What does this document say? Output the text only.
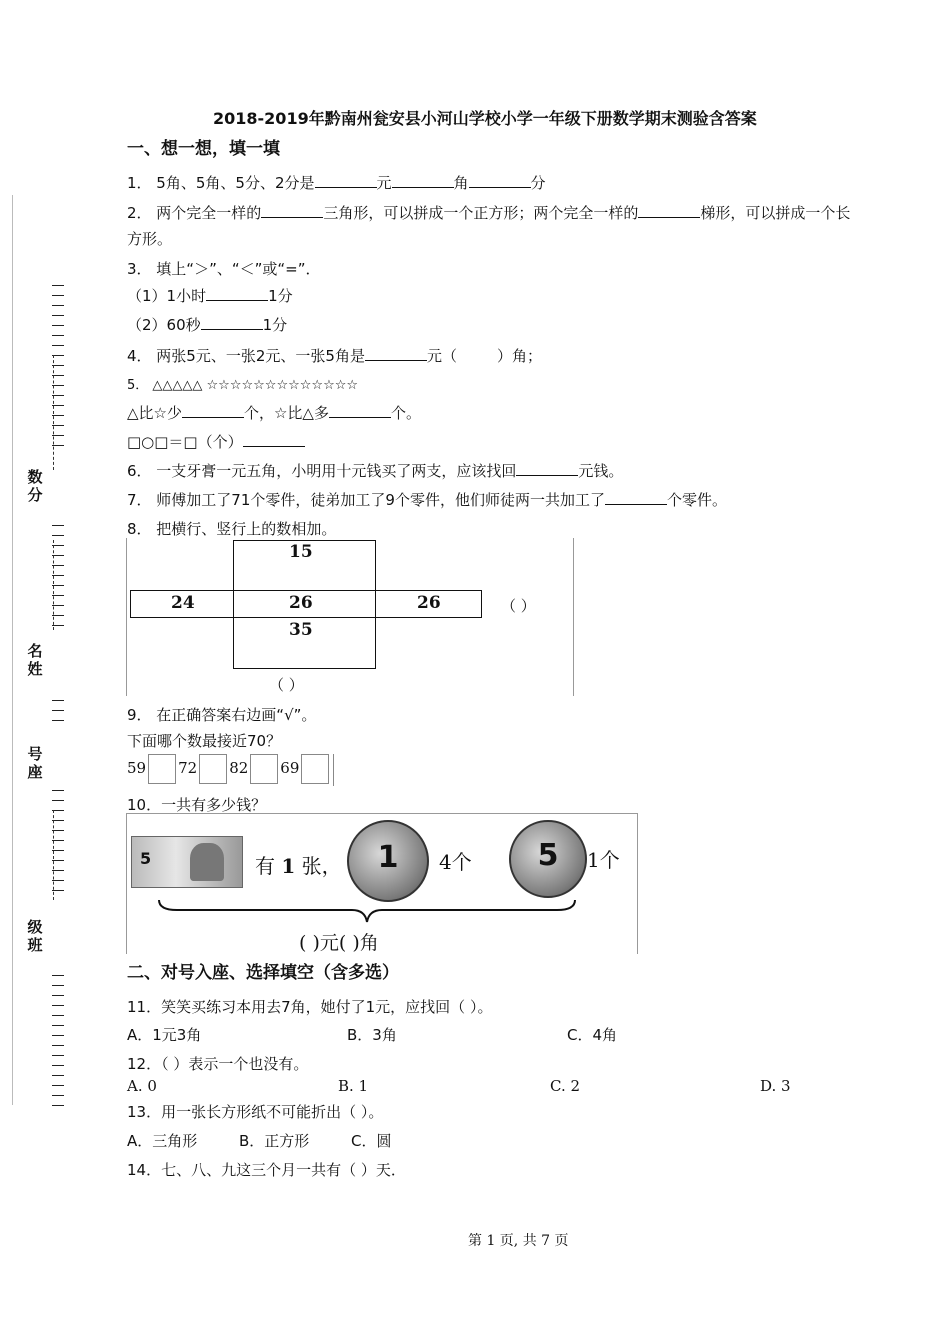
数分
名姓
号座
级班
2018-2019年黔南州瓮安县小河山学校小学一年级下册数学期末测验含答案
一、想一想，填一填
1． 5角、5角、5分、2分是	元	角	分
2． 两个完全一样的	三角形，可以拼成一个正方形；两个完全一样的	梯形，可以拼成一个长
方形。
3． 填上“＞”、“＜”或“=”．
（1）1小时	1分
（2）60秒	1分
4． 两张5元、一张2元、一张5角是	元（	）角；
5． △△△△△ ☆☆☆☆☆☆☆☆☆☆☆☆☆
△比☆少	个，☆比△多	个。
□○□＝□（个）
6． 一支牙膏一元五角，小明用十元钱买了两支，应该找回	元钱。
7． 师傅加工了71个零件，徒弟加工了9个零件，他们师徒两一共加工了	个零件。
8． 把横行、竖行上的数相加。
15
24	26	26
35
（ ）
（ ）
9． 在正确答案右边画“√”。
下面哪个数最接近70？
59 72 82 69
10．一共有多少钱？
5	有 1 张，	1	4个	5	1个
( )元( )角
二、对号入座、选择填空（含多选）
11．笑笑买练习本用去7角，她付了1元，应找回（ ）。
A．1元3角	B．3角	C．4角
12．（ ）表示一个也没有。
A. 0	B. 1	C. 2	D. 3
13．用一张长方形纸不可能折出（ ）。
A．三角形	B．正方形	C．圆
14．七、八、九这三个月一共有（ ）天．
第 1 页, 共 7 页
